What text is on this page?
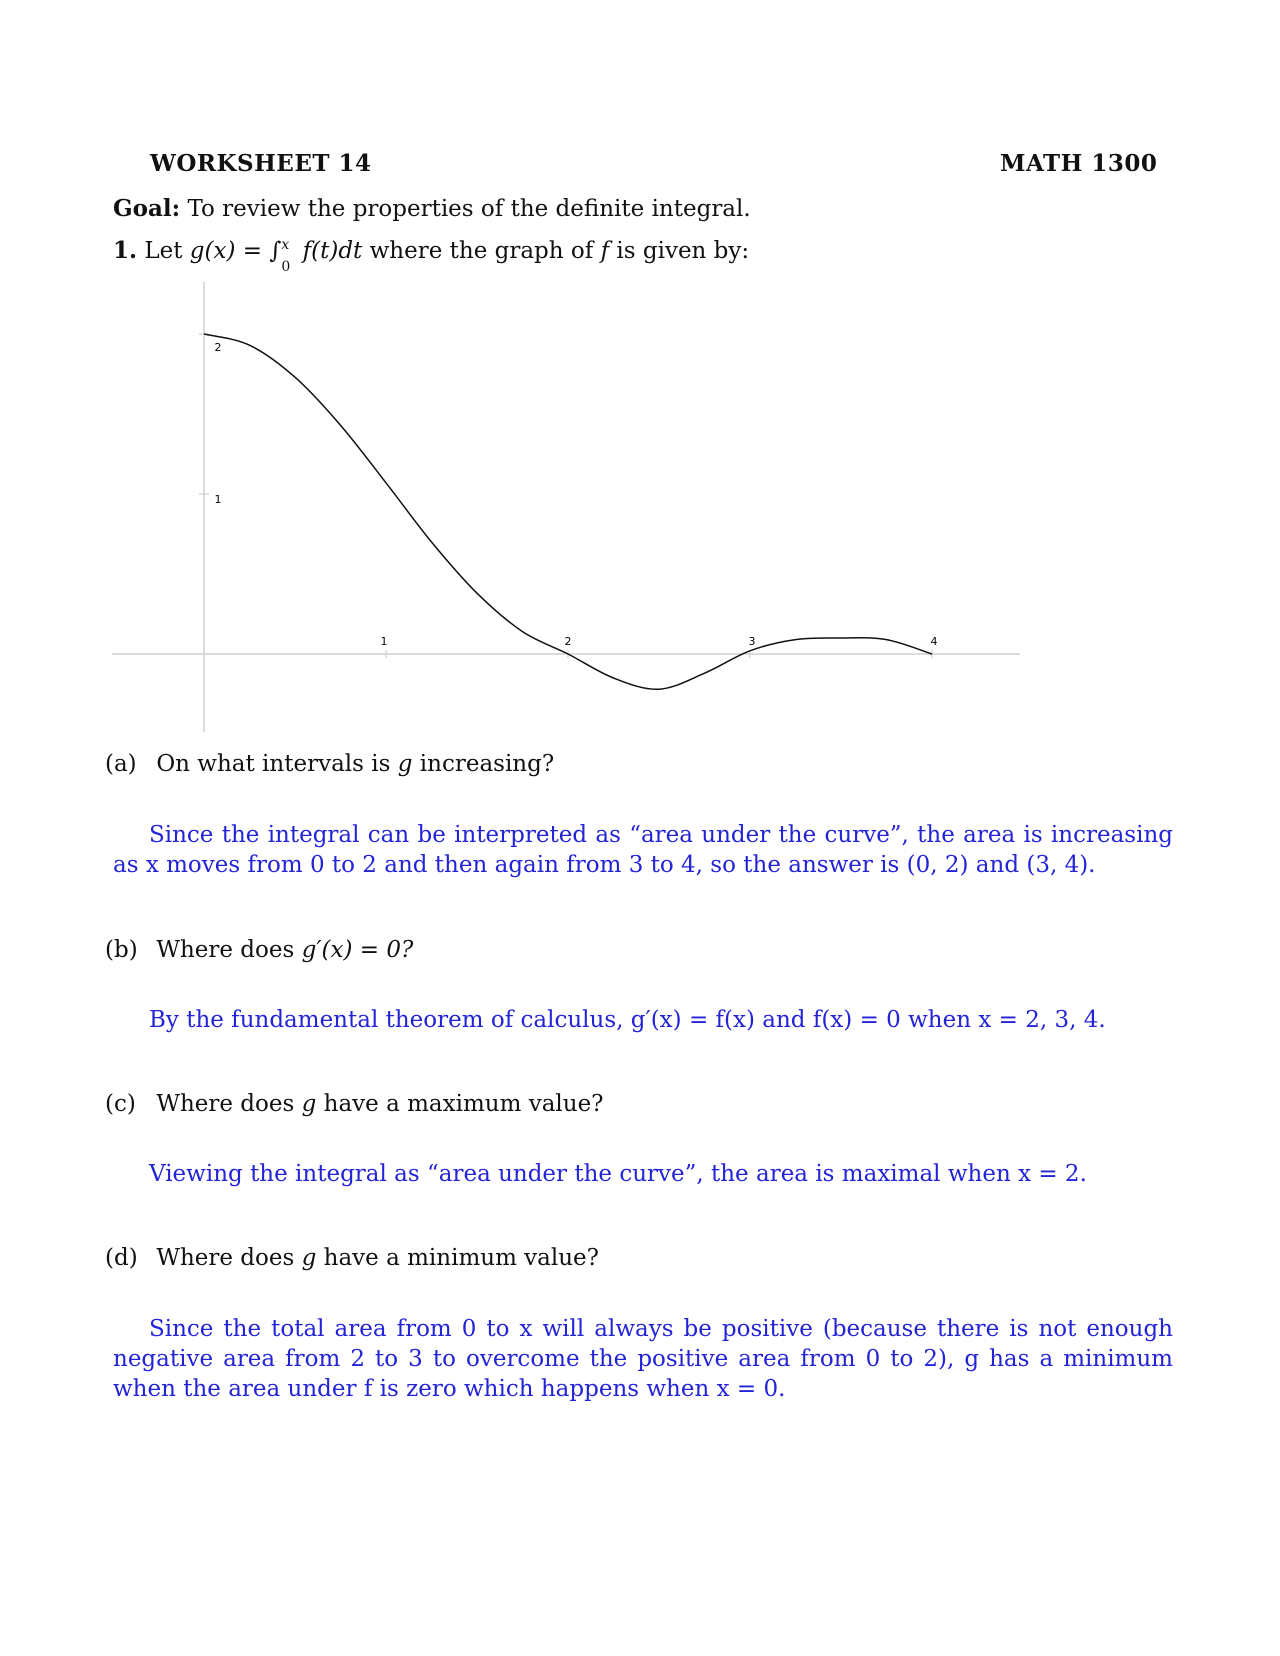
WORKSHEET 14	MATH 1300
Goal: To review the properties of the definite integral.
1. Let g(x) = ∫ x
0
f(t)dt where the graph of f is given by:
1	2	3	4
1
2
(a) On what intervals is g increasing?
Since the integral can be interpreted as “area under the curve”, the area is increasing as x moves from 0 to 2 and then again from 3 to 4, so the answer is (0, 2) and (3, 4).
(b) Where does g′(x) = 0?
By the fundamental theorem of calculus, g′(x) = f(x) and f(x) = 0 when x = 2, 3, 4.
(c) Where does g have a maximum value?
Viewing the integral as “area under the curve”, the area is maximal when x = 2.
(d) Where does g have a minimum value?
Since the total area from 0 to x will always be positive (because there is not enough negative area from 2 to 3 to overcome the positive area from 0 to 2), g has a minimum when the area under f is zero which happens when x = 0.
